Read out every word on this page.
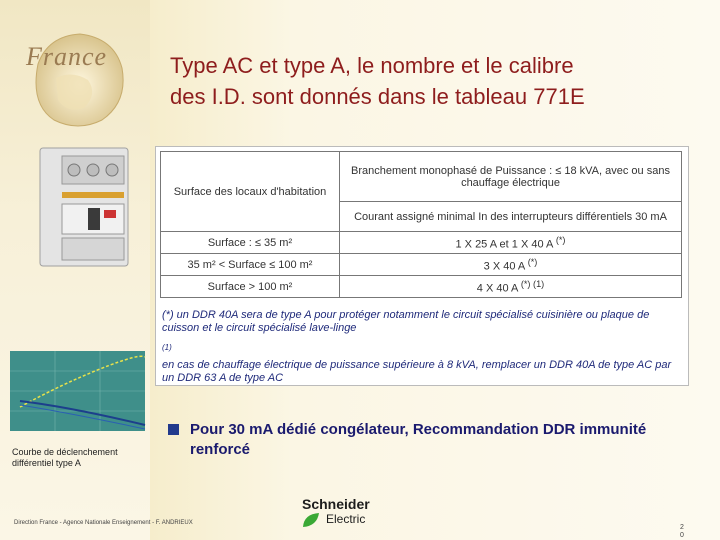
France	Type AC et type A, le nombre et le calibre
des I.D. sont donnés dans le tableau 771E
Surface des locaux d'habitation	Branchement monophasé de Puissance : ≤ 18 kVA, avec ou sans chauffage électrique
	Courant assigné minimal In des interrupteurs différentiels 30 mA
Surface : ≤ 35 m²	1 X 25 A et 1 X 40 A (*)
35 m² < Surface ≤ 100 m²	3 X 40 A (*)
Surface > 100 m²	4 X 40 A $^{(*) (1)}$

(*) un DDR 40A sera de type A pour protéger notamment le circuit spécialisé cuisinière ou plaque de cuisson et le circuit spécialisé lave-linge

$^{(1)}$

en cas de chauffage électrique de puissance supérieure à 8 kVA, remplacer un DDR 40A de type AC par un DDR 63 A de type AC

Courbe de déclenchement différentiel type A
Pour 30 mA dédié congélateur, Recommandation DDR immunité renforcé
Direction France - Agence Nationale Enseignement - F. ANDRIEUX
Schneider
Electric
2
0
